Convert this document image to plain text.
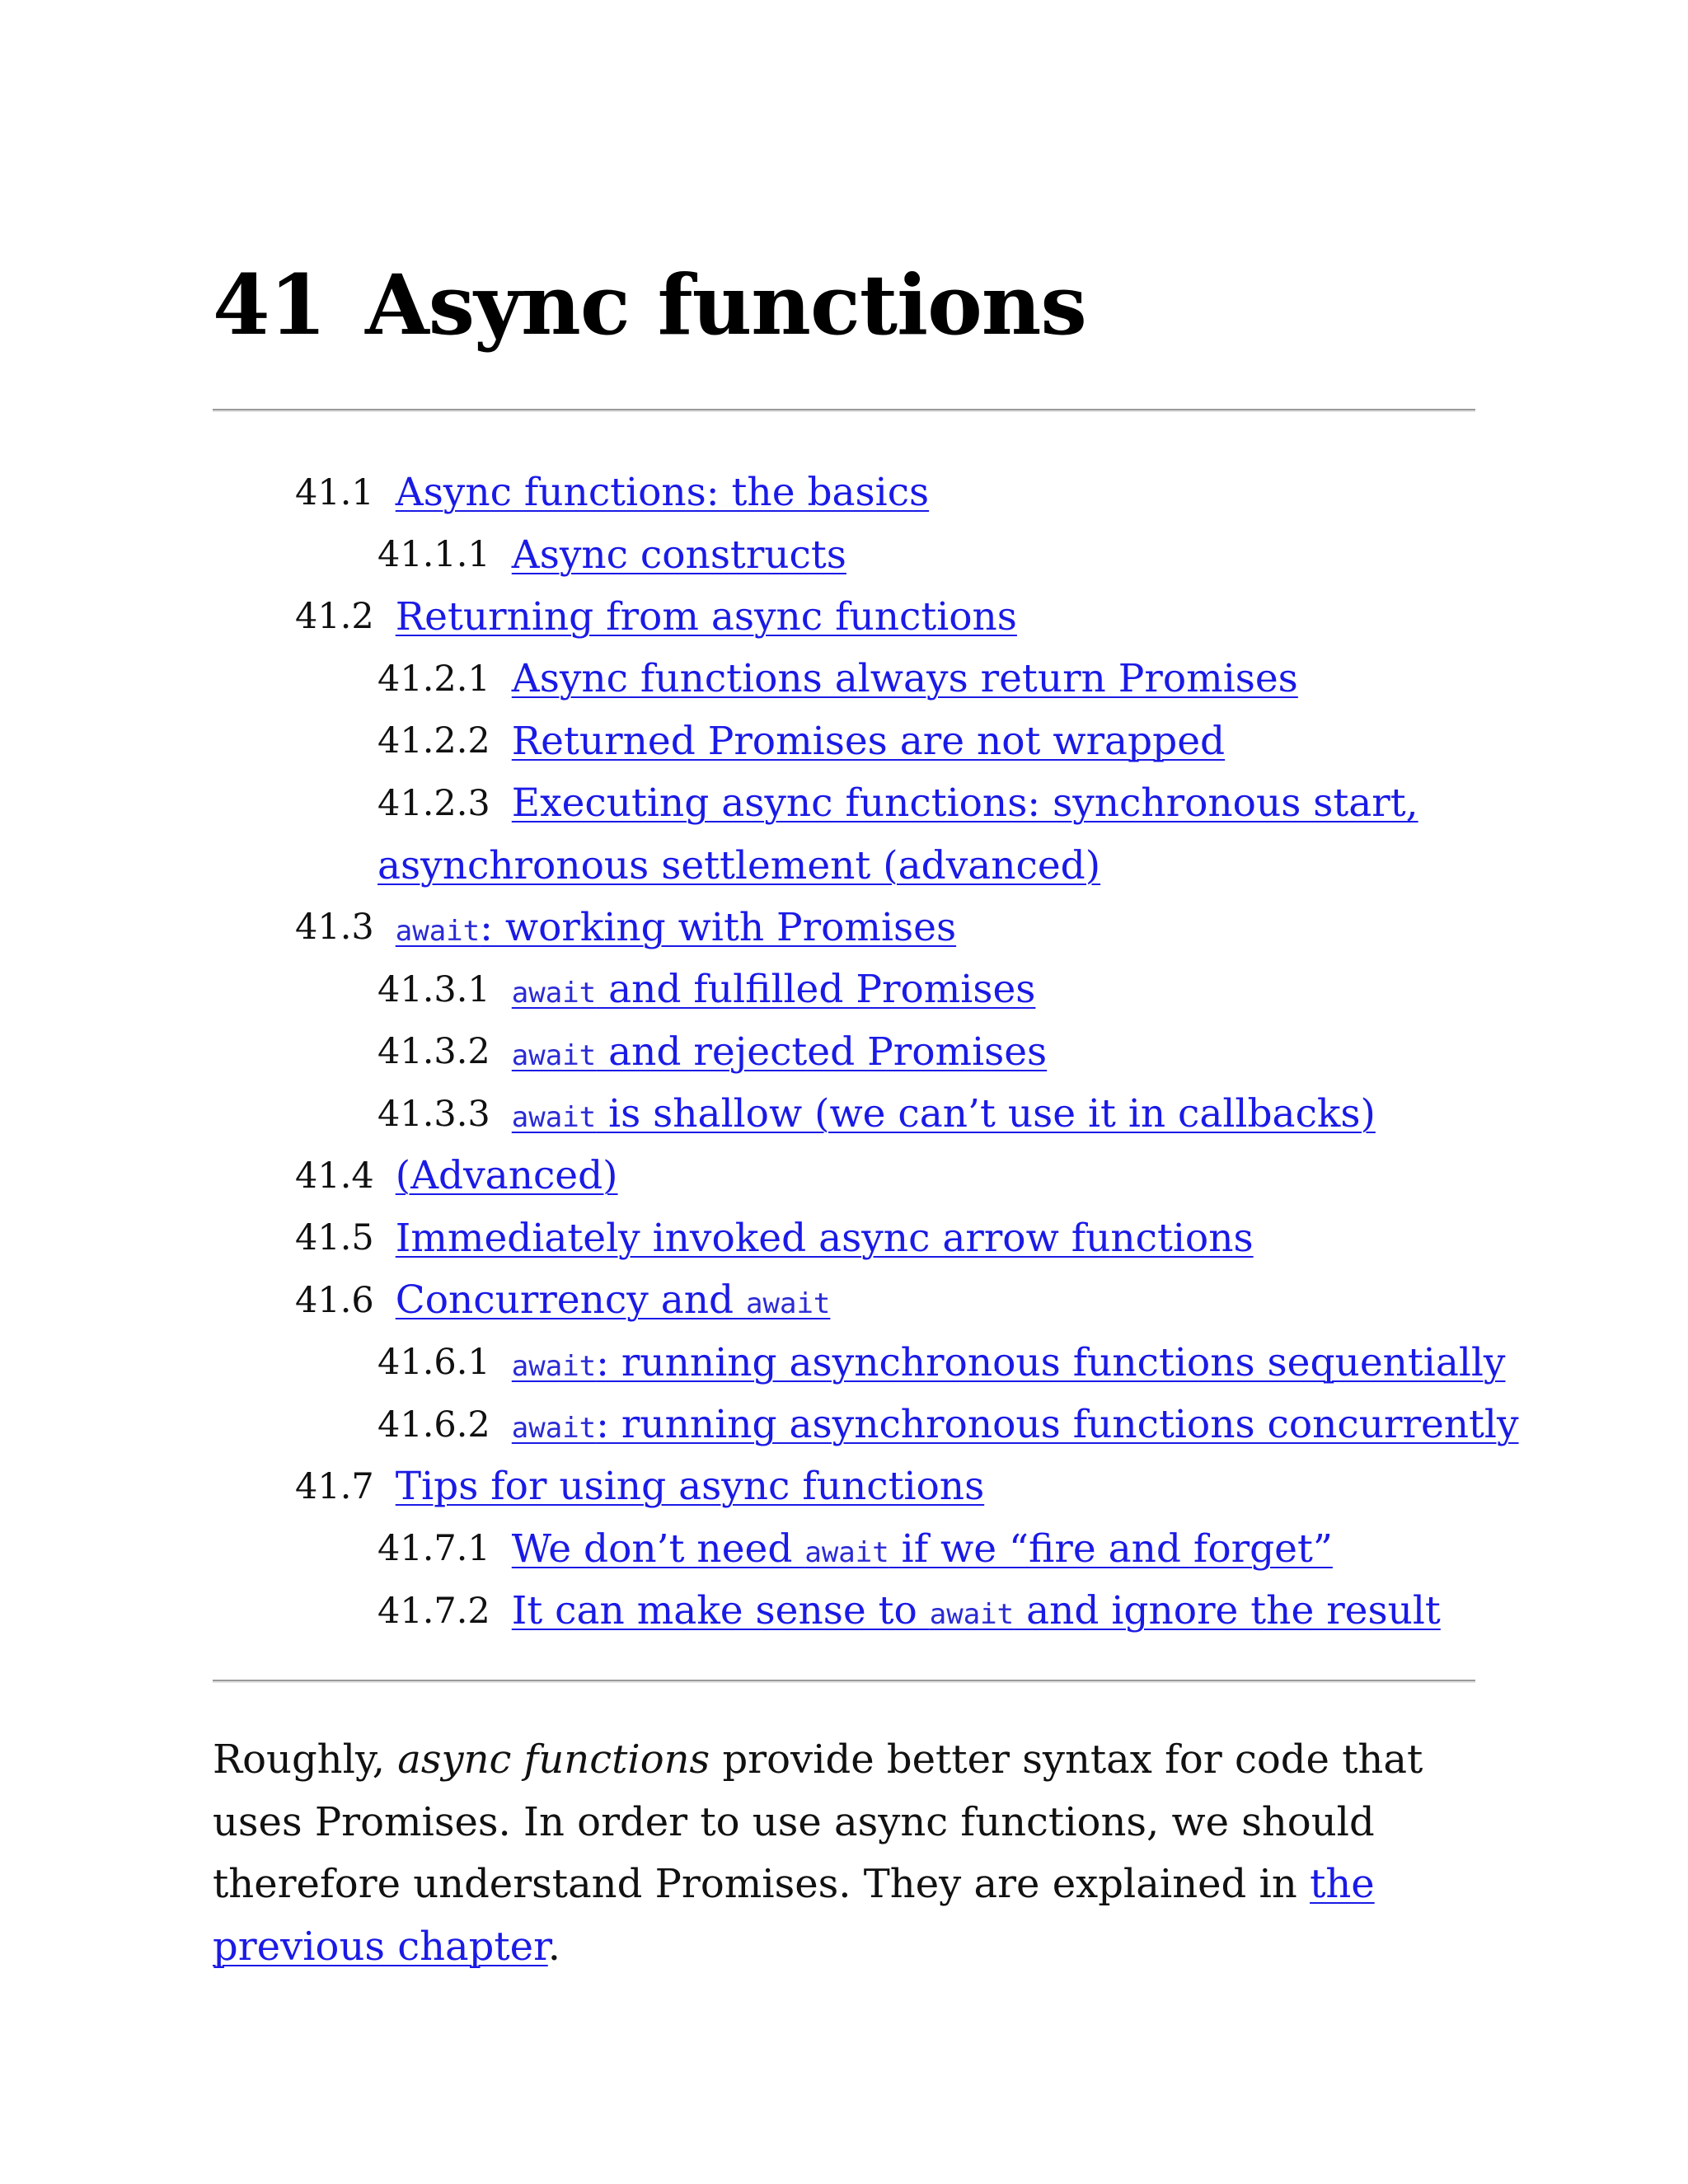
41 Async functions
41.1 Async functions: the basics
41.1.1 Async constructs
41.2 Returning from async functions
41.2.1 Async functions always return Promises
41.2.2 Returned Promises are not wrapped
41.2.3 Executing async functions: synchronous start,
asynchronous settlement (advanced)
41.3 await: working with Promises
41.3.1 await and fulfilled Promises
41.3.2 await and rejected Promises
41.3.3 await is shallow (we can’t use it in callbacks)
41.4 (Advanced)
41.5 Immediately invoked async arrow functions
41.6 Concurrency and await
41.6.1 await: running asynchronous functions sequentially
41.6.2 await: running asynchronous functions concurrently
41.7 Tips for using async functions
41.7.1 We don’t need await if we “fire and forget”
41.7.2 It can make sense to await and ignore the result

Roughly, async functions provide better syntax for code that uses Promises. In order to use async functions, we should therefore understand Promises. They are explained in the previous chapter.
